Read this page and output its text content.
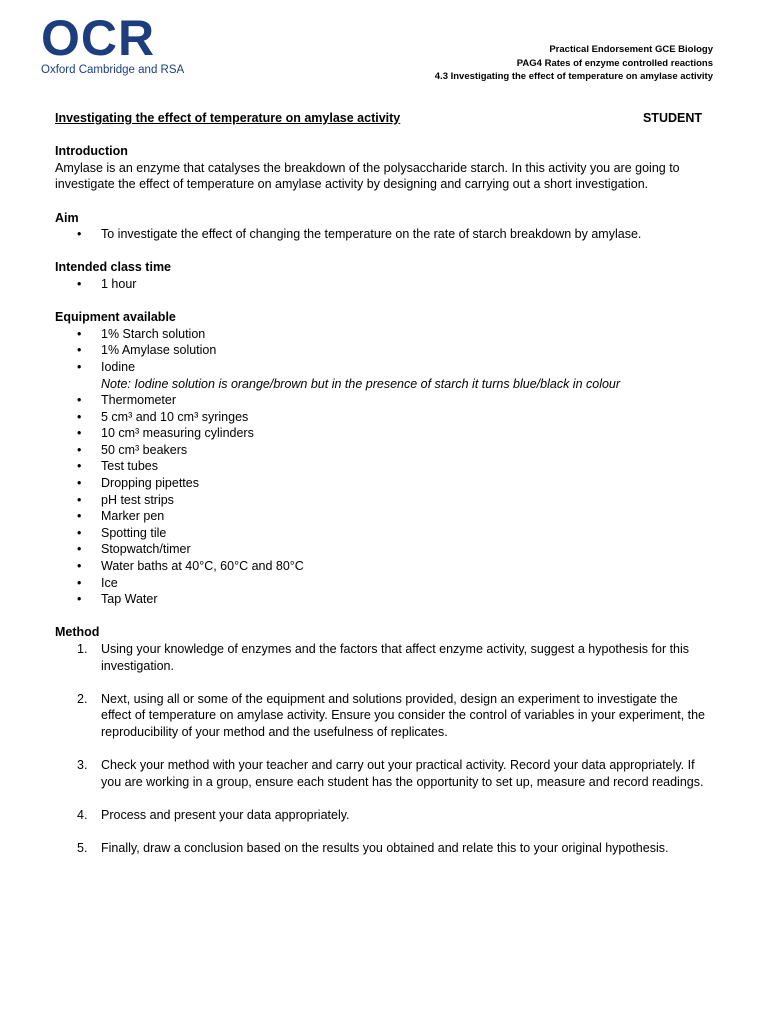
OCR
Oxford Cambridge and RSA
Practical Endorsement GCE Biology
PAG4 Rates of enzyme controlled reactions
4.3 Investigating the effect of temperature on amylase activity
Investigating the effect of temperature on amylase activity	STUDENT
Introduction

Amylase is an enzyme that catalyses the breakdown of the polysaccharide starch. In this activity you are going to investigate the effect of temperature on amylase activity by designing and carrying out a short investigation.

Aim
• To investigate the effect of changing the temperature on the rate of starch breakdown by amylase.
Intended class time
• 1 hour
Equipment available
• 1% Starch solution
• 1% Amylase solution
• Iodine
Note: Iodine solution is orange/brown but in the presence of starch it turns blue/black in colour
• Thermometer
• 5 cm³ and 10 cm³ syringes
• 10 cm³ measuring cylinders
• 50 cm³ beakers
• Test tubes
• Dropping pipettes
• pH test strips
• Marker pen
• Spotting tile
• Stopwatch/timer
• Water baths at 40°C, 60°C and 80°C
• Ice
• Tap Water
Method
1. Using your knowledge of enzymes and the factors that affect enzyme activity, suggest a hypothesis for this investigation.
2. Next, using all or some of the equipment and solutions provided, design an experiment to investigate the effect of temperature on amylase activity. Ensure you consider the control of variables in your experiment, the reproducibility of your method and the usefulness of replicates.
3. Check your method with your teacher and carry out your practical activity. Record your data appropriately. If you are working in a group, ensure each student has the opportunity to set up, measure and record readings.
4. Process and present your data appropriately.
5. Finally, draw a conclusion based on the results you obtained and relate this to your original hypothesis.
